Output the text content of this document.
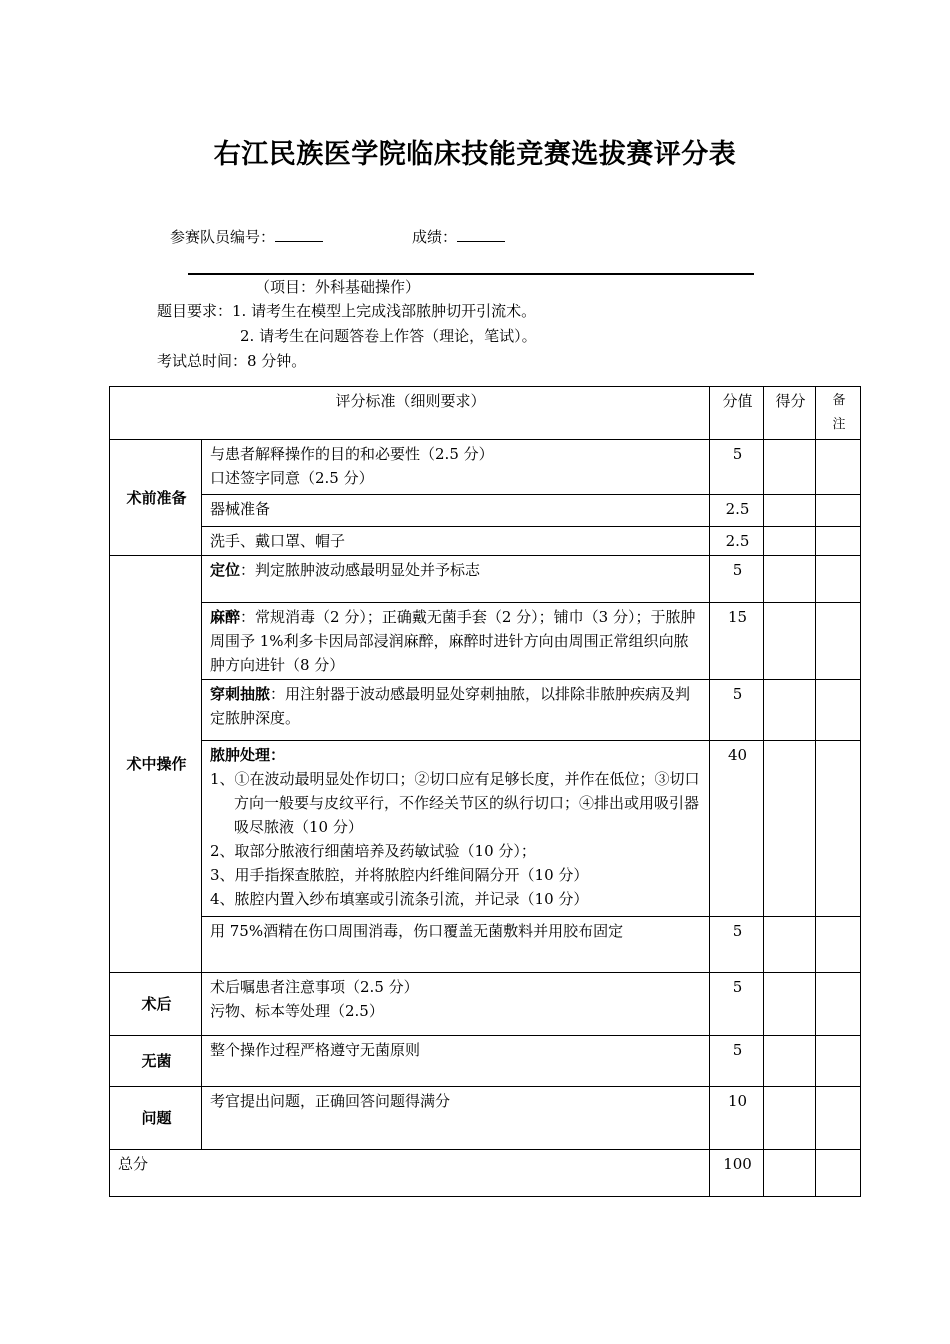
右江民族医学院临床技能竞赛选拔赛评分表
参赛队员编号：	成绩：
（项目：外科基础操作）
题目要求：1. 请考生在模型上完成浅部脓肿切开引流术。
2. 请考生在问题答卷上作答（理论，笔试）。
考试总时间：8 分钟。
评分标准（细则要求）		分值	得分	备
注

术前准备	与患者解释操作的目的和必要性（2.5 分）
口述签字同意（2.5 分）	5		
	器械准备	2.5		
	洗手、戴口罩、帽子	2.5		
术中操作	定位：判定脓肿波动感最明显处并予标志	5		
	麻醉：常规消毒（2 分）；正确戴无菌手套（2 分）；铺巾（3 分）；于脓肿周围予 1%利多卡因局部浸润麻醉，麻醉时进针方向由周围正常组织向脓肿方向进针（8 分）	15		
	穿刺抽脓：用注射器于波动感最明显处穿刺抽脓，以排除非脓肿疾病及判定脓肿深度。	5		

	脓肿处理：
1、①在波动最明显处作切口；②切口应有足够长度，并作在低位；③切口方向一般要与皮纹平行，不作经关节区的纵行切口；④排出或用吸引器吸尽脓液（10 分）
2、取部分脓液行细菌培养及药敏试验（10 分）；
3、用手指探查脓腔，并将脓腔内纤维间隔分开（10 分）
4、脓腔内置入纱布填塞或引流条引流，并记录（10 分）	40		
	用 75%酒精在伤口周围消毒，伤口覆盖无菌敷料并用胶布固定	5		
术后	术后嘱患者注意事项（2.5 分）
污物、标本等处理（2.5）	5		
无菌	整个操作过程严格遵守无菌原则	5		
问题	考官提出问题，正确回答问题得满分	10		
总分		100		
